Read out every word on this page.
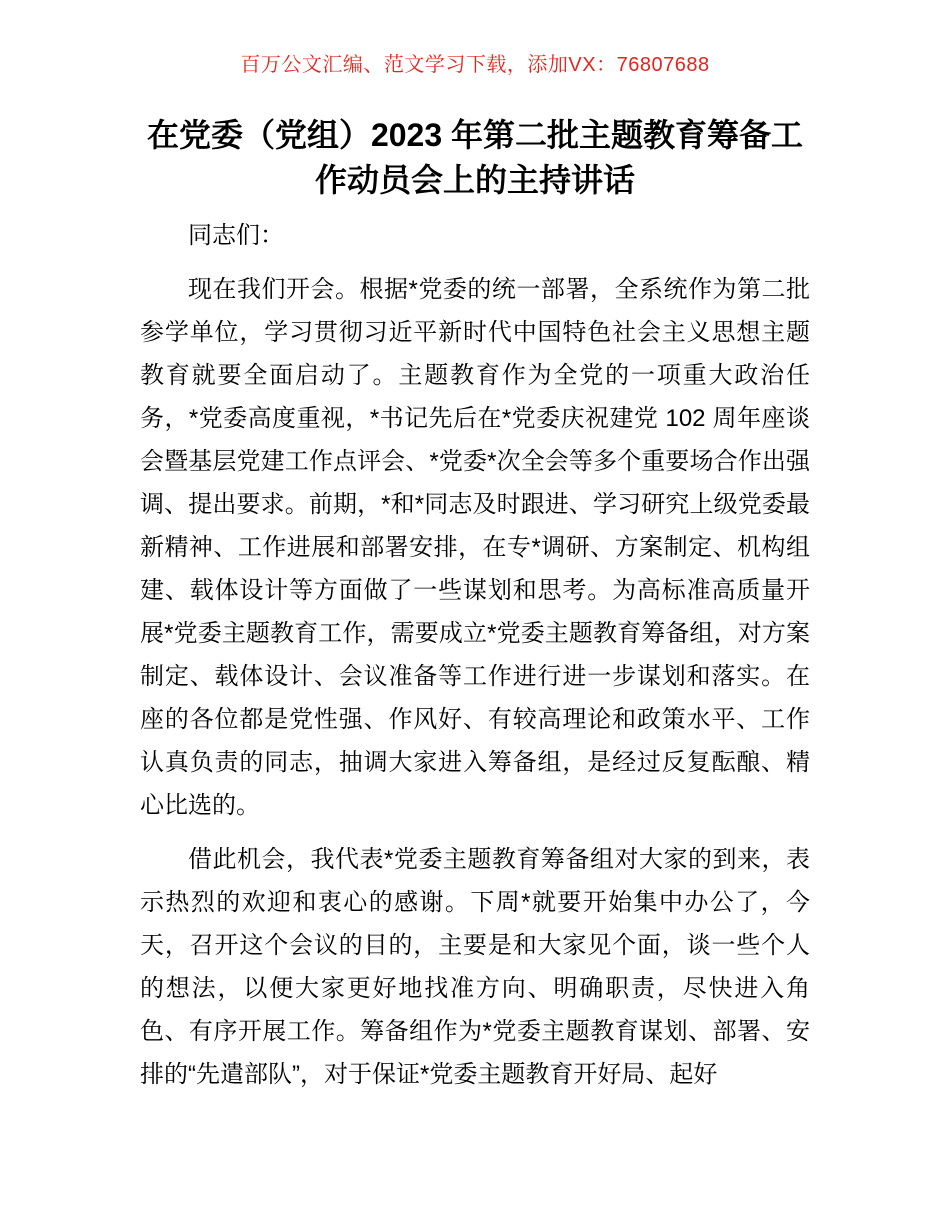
百万公文汇编、范文学习下载，添加VX：76807688
在党委（党组）2023 年第二批主题教育筹备工
作动员会上的主持讲话

同志们：

现在我们开会。根据*党委的统一部署，全系统作为第二批参学单位，学习贯彻习近平新时代中国特色社会主义思想主题教育就要全面启动了。主题教育作为全党的一项重大政治任务，*党委高度重视，*书记先后在*党委庆祝建党 102 周年座谈会暨基层党建工作点评会、*党委*次全会等多个重要场合作出强调、提出要求。前期，*和*同志及时跟进、学习研究上级党委最新精神、工作进展和部署安排，在专*调研、方案制定、机构组建、载体设计等方面做了一些谋划和思考。为高标准高质量开展*党委主题教育工作，需要成立*党委主题教育筹备组，对方案制定、载体设计、会议准备等工作进行进一步谋划和落实。在座的各位都是党性强、作风好、有较高理论和政策水平、工作认真负责的同志，抽调大家进入筹备组，是经过反复酝酿、精心比选的。

借此机会，我代表*党委主题教育筹备组对大家的到来，表示热烈的欢迎和衷心的感谢。下周*就要开始集中办公了，今天，召开这个会议的目的，主要是和大家见个面，谈一些个人的想法，以便大家更好地找准方向、明确职责，尽快进入角色、有序开展工作。筹备组作为*党委主题教育谋划、部署、安排的“先遣部队”，对于保证*党委主题教育开好局、起好
